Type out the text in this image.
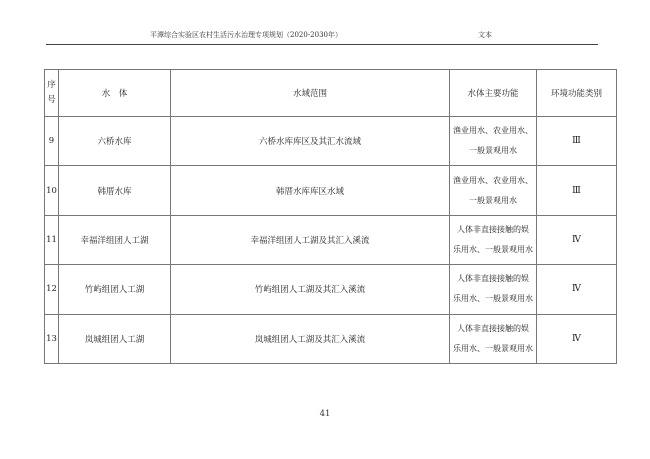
平潭综合实验区农村生活污水治理专项规划（2020-2030年）	文本
序号	水　体	水域范围	水体主要功能	环境功能类别
9	六桥水库	六桥水库库区及其汇水流域	渔业用水、农业用水、
一般景观用水	Ⅲ
10	韩厝水库	韩厝水库库区水域	渔业用水、农业用水、
一般景观用水	Ⅲ
11	幸福洋组团人工湖	幸福洋组团人工湖及其汇入溪流	人体非直接接触的娱
乐用水、一般景观用水	Ⅳ
12	竹屿组团人工湖	竹屿组团人工湖及其汇入溪流	人体非直接接触的娱
乐用水、一般景观用水	Ⅳ
13	岚城组团人工湖	岚城组团人工湖及其汇入溪流	人体非直接接触的娱
乐用水、一般景观用水	Ⅳ
41
